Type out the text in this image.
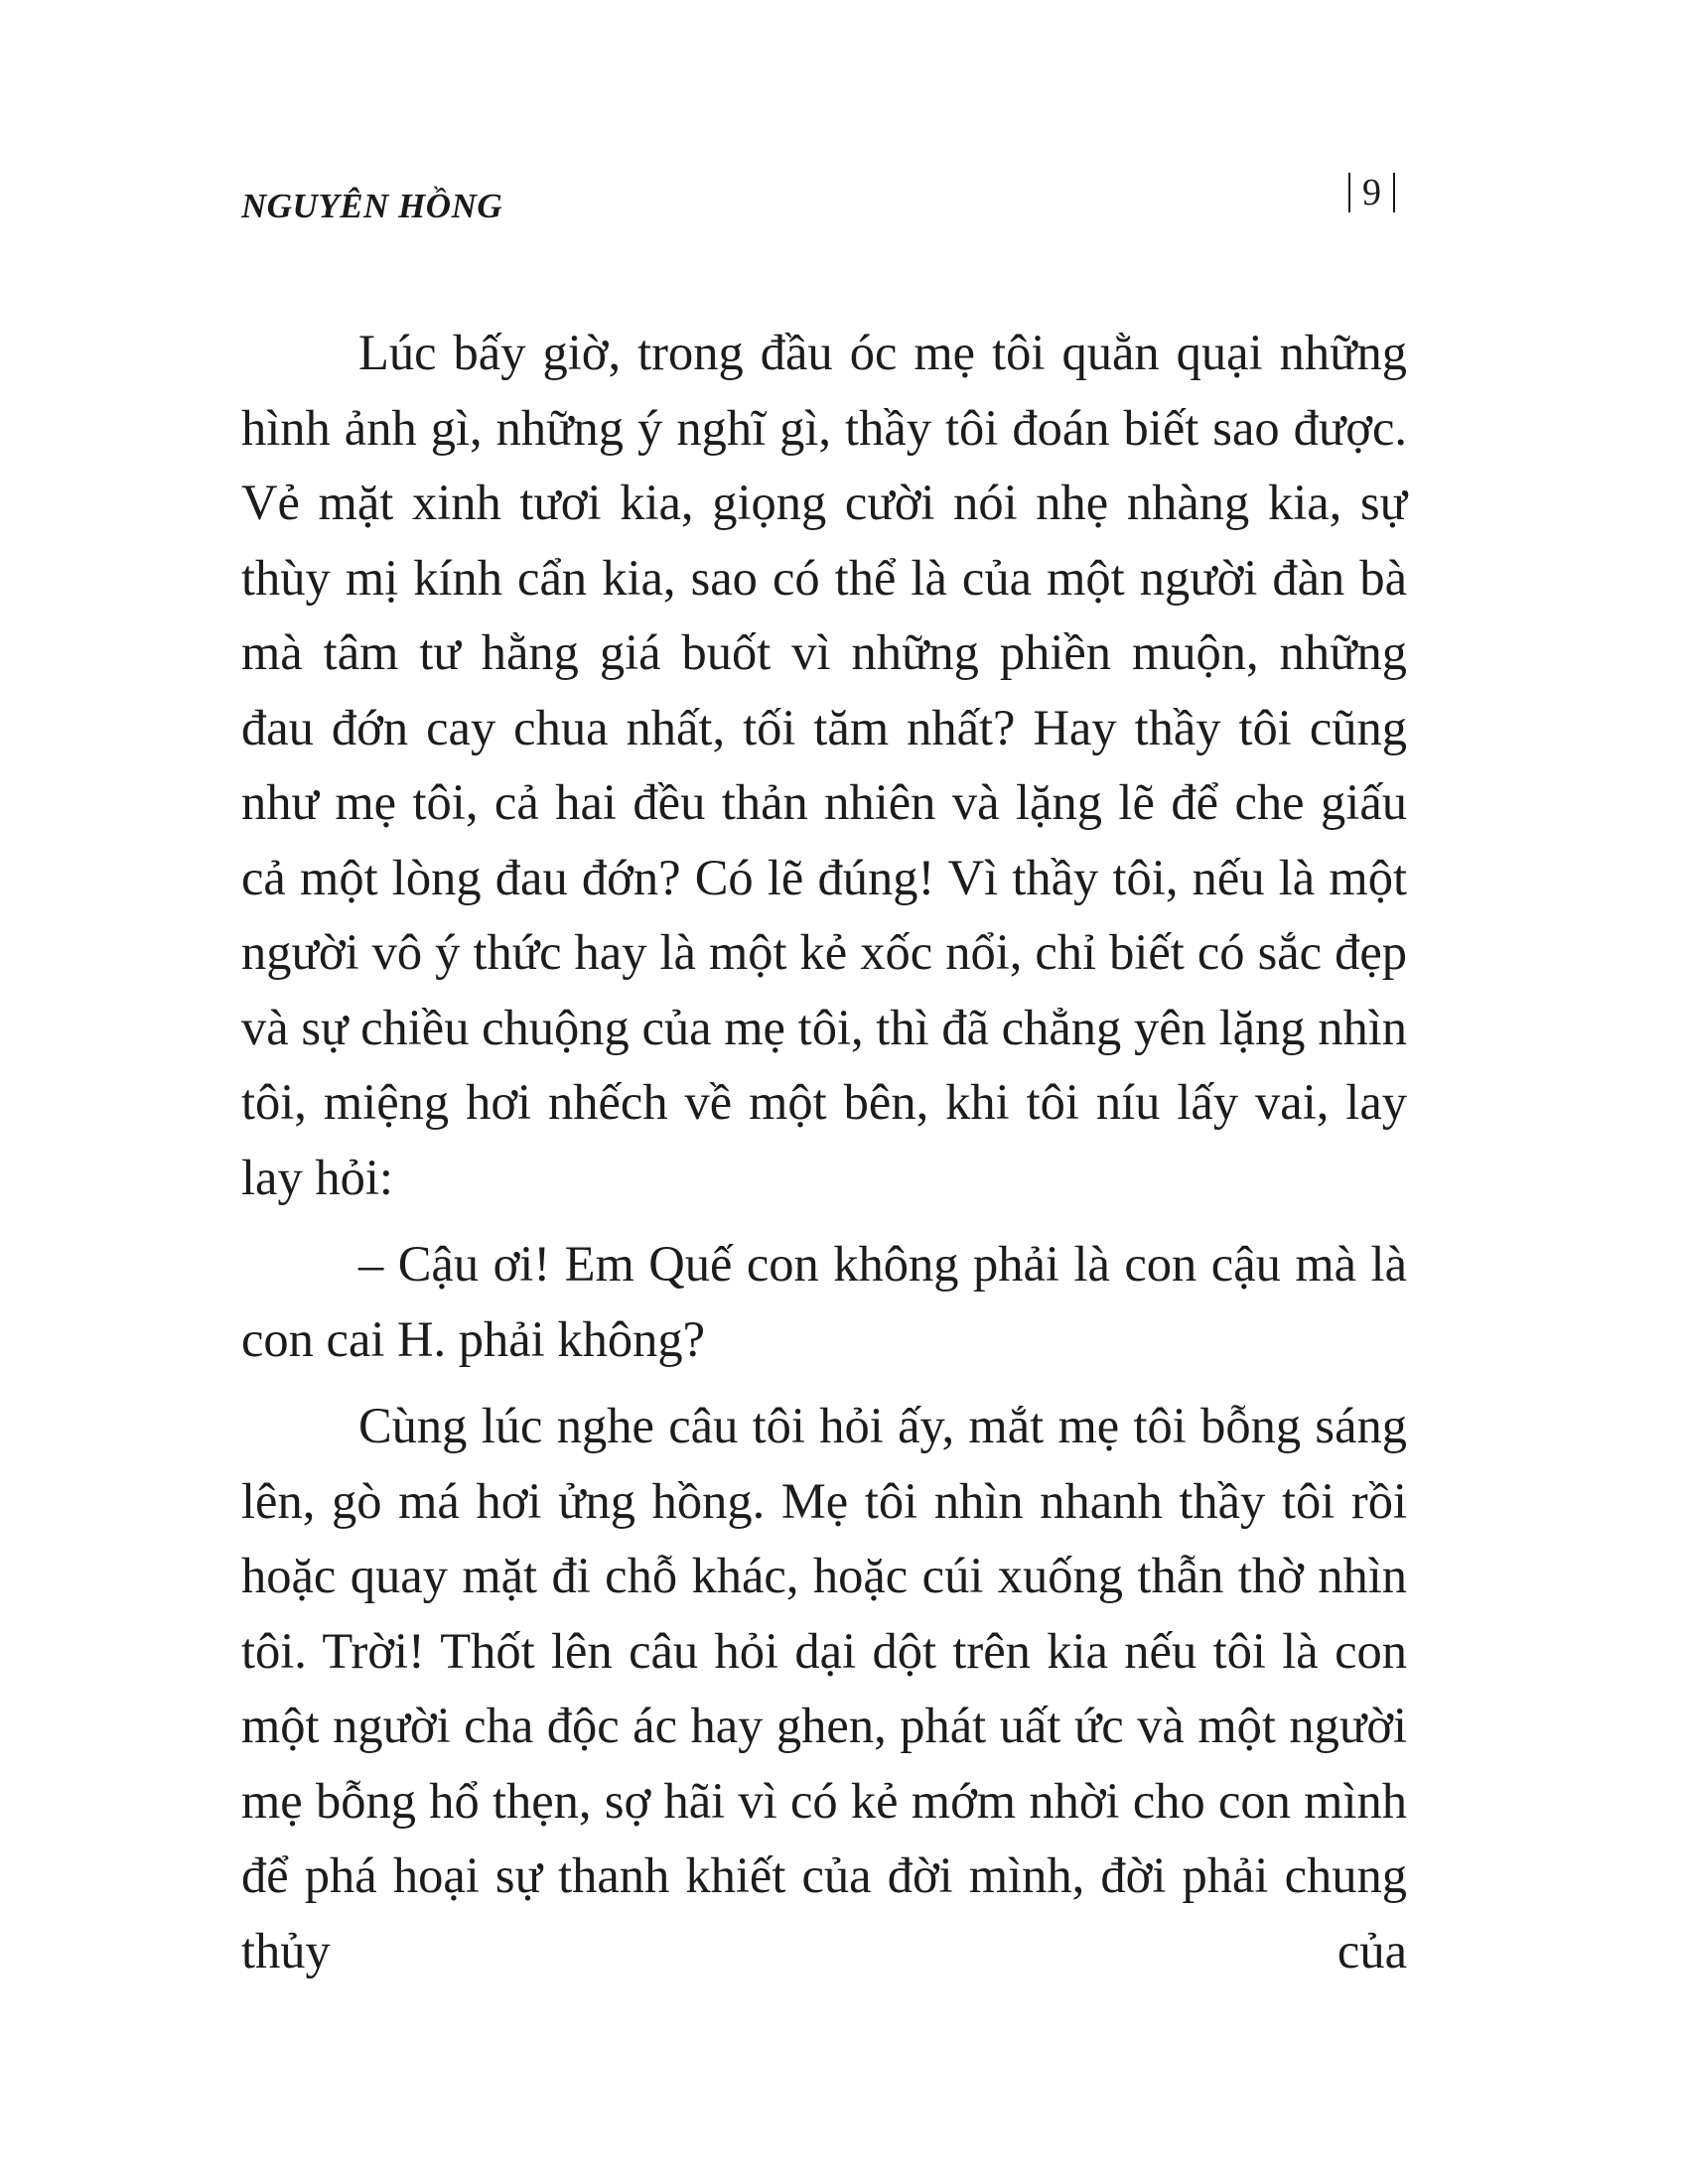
NGUYÊN HỒNG	9

Lúc bấy giờ, trong đầu óc mẹ tôi quằn quại những hình ảnh gì, những ý nghĩ gì, thầy tôi đoán biết sao được. Vẻ mặt xinh tươi kia, giọng cười nói nhẹ nhàng kia, sự thùy mị kính cẩn kia, sao có thể là của một người đàn bà mà tâm tư hằng giá buốt vì những phiền muộn, những đau đớn cay chua nhất, tối tăm nhất? Hay thầy tôi cũng như mẹ tôi, cả hai đều thản nhiên và lặng lẽ để che giấu cả một lòng đau đớn? Có lẽ đúng! Vì thầy tôi, nếu là một người vô ý thức hay là một kẻ xốc nổi, chỉ biết có sắc đẹp và sự chiều chuộng của mẹ tôi, thì đã chẳng yên lặng nhìn tôi, miệng hơi nhếch về một bên, khi tôi níu lấy vai, lay lay hỏi:

– Cậu ơi! Em Quế con không phải là con cậu mà là con cai H. phải không?

Cùng lúc nghe câu tôi hỏi ấy, mắt mẹ tôi bỗng sáng lên, gò má hơi ửng hồng. Mẹ tôi nhìn nhanh thầy tôi rồi hoặc quay mặt đi chỗ khác, hoặc cúi xuống thẫn thờ nhìn tôi. Trời! Thốt lên câu hỏi dại dột trên kia nếu tôi là con một người cha độc ác hay ghen, phát uất ức và một người mẹ bỗng hổ thẹn, sợ hãi vì có kẻ mớm nhời cho con mình để phá hoại sự thanh khiết của đời mình, đời phải chung thủy của
